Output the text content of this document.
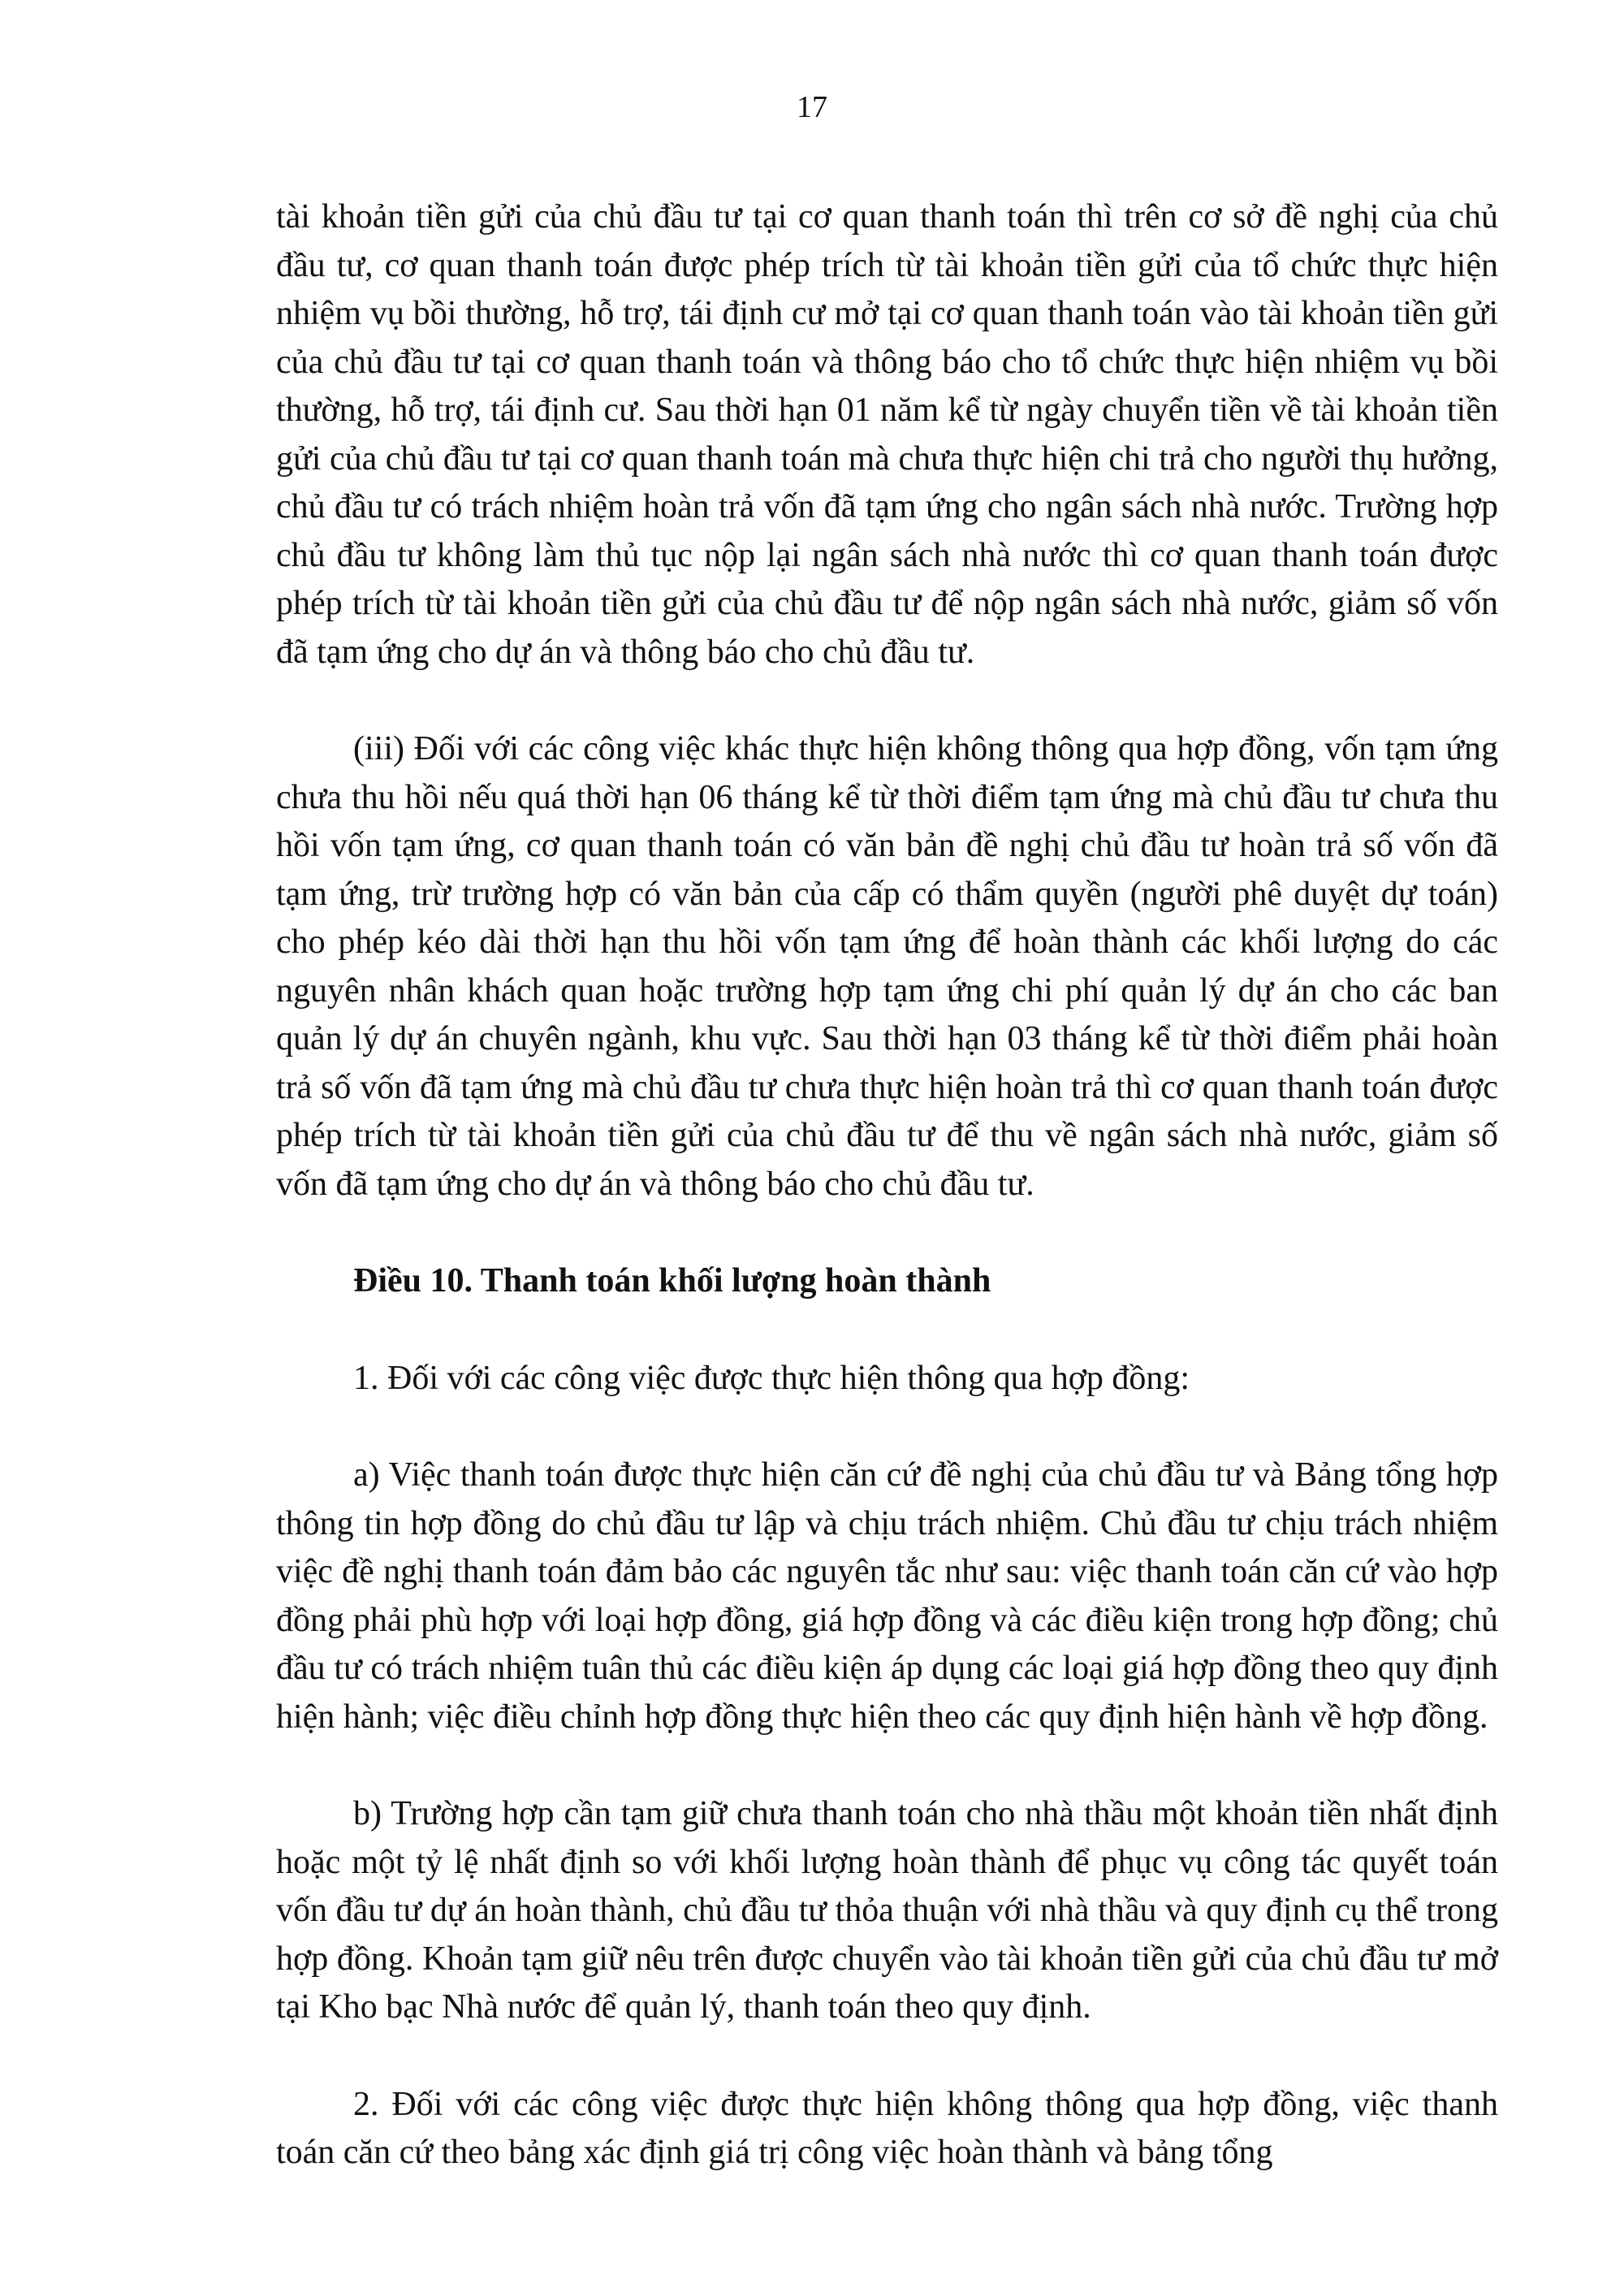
17

tài khoản tiền gửi của chủ đầu tư tại cơ quan thanh toán thì trên cơ sở đề nghị của chủ đầu tư, cơ quan thanh toán được phép trích từ tài khoản tiền gửi của tổ chức thực hiện nhiệm vụ bồi thường, hỗ trợ, tái định cư mở tại cơ quan thanh toán vào tài khoản tiền gửi của chủ đầu tư tại cơ quan thanh toán và thông báo cho tổ chức thực hiện nhiệm vụ bồi thường, hỗ trợ, tái định cư. Sau thời hạn 01 năm kể từ ngày chuyển tiền về tài khoản tiền gửi của chủ đầu tư tại cơ quan thanh toán mà chưa thực hiện chi trả cho người thụ hưởng, chủ đầu tư có trách nhiệm hoàn trả vốn đã tạm ứng cho ngân sách nhà nước. Trường hợp chủ đầu tư không làm thủ tục nộp lại ngân sách nhà nước thì cơ quan thanh toán được phép trích từ tài khoản tiền gửi của chủ đầu tư để nộp ngân sách nhà nước, giảm số vốn đã tạm ứng cho dự án và thông báo cho chủ đầu tư.

(iii) Đối với các công việc khác thực hiện không thông qua hợp đồng, vốn tạm ứng chưa thu hồi nếu quá thời hạn 06 tháng kể từ thời điểm tạm ứng mà chủ đầu tư chưa thu hồi vốn tạm ứng, cơ quan thanh toán có văn bản đề nghị chủ đầu tư hoàn trả số vốn đã tạm ứng, trừ trường hợp có văn bản của cấp có thẩm quyền (người phê duyệt dự toán) cho phép kéo dài thời hạn thu hồi vốn tạm ứng để hoàn thành các khối lượng do các nguyên nhân khách quan hoặc trường hợp tạm ứng chi phí quản lý dự án cho các ban quản lý dự án chuyên ngành, khu vực. Sau thời hạn 03 tháng kể từ thời điểm phải hoàn trả số vốn đã tạm ứng mà chủ đầu tư chưa thực hiện hoàn trả thì cơ quan thanh toán được phép trích từ tài khoản tiền gửi của chủ đầu tư để thu về ngân sách nhà nước, giảm số vốn đã tạm ứng cho dự án và thông báo cho chủ đầu tư.

Điều 10. Thanh toán khối lượng hoàn thành

1. Đối với các công việc được thực hiện thông qua hợp đồng:

a) Việc thanh toán được thực hiện căn cứ đề nghị của chủ đầu tư và Bảng tổng hợp thông tin hợp đồng do chủ đầu tư lập và chịu trách nhiệm. Chủ đầu tư chịu trách nhiệm việc đề nghị thanh toán đảm bảo các nguyên tắc như sau: việc thanh toán căn cứ vào hợp đồng phải phù hợp với loại hợp đồng, giá hợp đồng và các điều kiện trong hợp đồng; chủ đầu tư có trách nhiệm tuân thủ các điều kiện áp dụng các loại giá hợp đồng theo quy định hiện hành; việc điều chỉnh hợp đồng thực hiện theo các quy định hiện hành về hợp đồng.

b) Trường hợp cần tạm giữ chưa thanh toán cho nhà thầu một khoản tiền nhất định hoặc một tỷ lệ nhất định so với khối lượng hoàn thành để phục vụ công tác quyết toán vốn đầu tư dự án hoàn thành, chủ đầu tư thỏa thuận với nhà thầu và quy định cụ thể trong hợp đồng. Khoản tạm giữ nêu trên được chuyển vào tài khoản tiền gửi của chủ đầu tư mở tại Kho bạc Nhà nước để quản lý, thanh toán theo quy định.

2. Đối với các công việc được thực hiện không thông qua hợp đồng, việc thanh toán căn cứ theo bảng xác định giá trị công việc hoàn thành và bảng tổng
